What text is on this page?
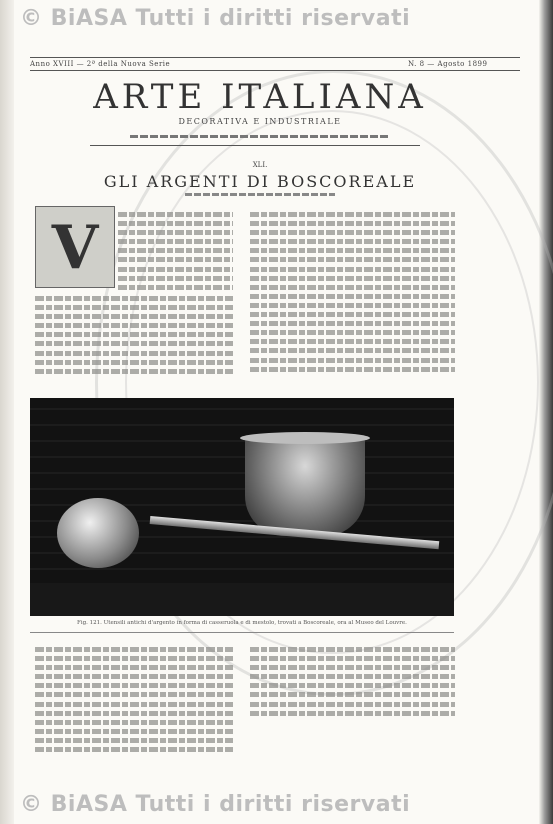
© BiASA Tutti i diritti riservati
Anno XVIII — 2ª della Nuova Serie	N. 8 — Agosto 1899
ARTE ITALIANA
DECORATIVA E INDUSTRIALE
XLI.
GLI ARGENTI DI BOSCOREALE
V
Fig. 121. Utensili antichi d'argento in forma di casseruola e di mestolo, trovati a Boscoreale, ora al Museo del Louvre.
© BiASA Tutti i diritti riservati
